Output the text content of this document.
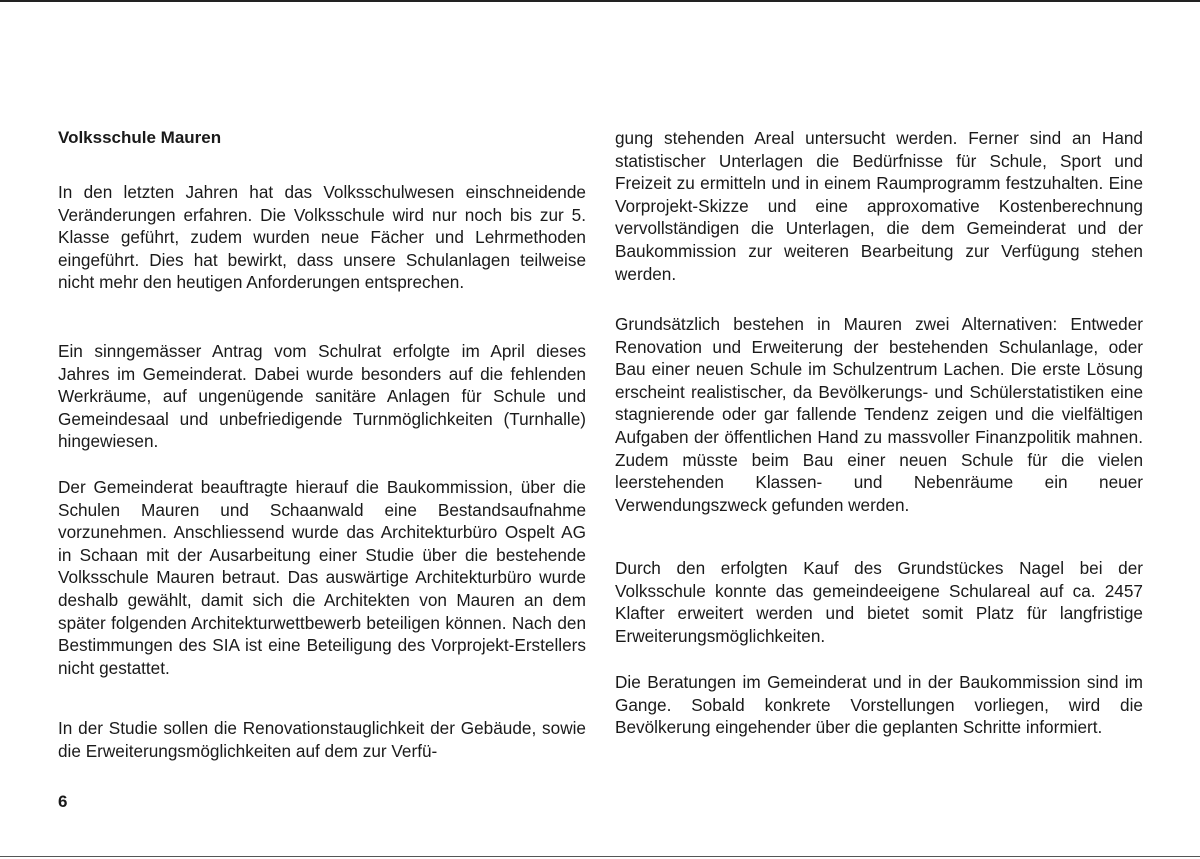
Volksschule Mauren

In den letzten Jahren hat das Volksschulwesen einschneidende Veränderungen erfahren. Die Volksschule wird nur noch bis zur 5. Klasse geführt, zudem wurden neue Fächer und Lehrmethoden eingeführt. Dies hat bewirkt, dass unsere Schulanlagen teilweise nicht mehr den heutigen Anforderungen entsprechen.

Ein sinngemässer Antrag vom Schulrat erfolgte im April dieses Jahres im Gemeinderat. Dabei wurde besonders auf die fehlenden Werkräume, auf ungenügende sanitäre Anlagen für Schule und Gemeindesaal und unbefriedigende Turnmöglichkeiten (Turnhalle) hingewiesen.

Der Gemeinderat beauftragte hierauf die Baukommission, über die Schulen Mauren und Schaanwald eine Bestandsaufnahme vorzunehmen. Anschliessend wurde das Architekturbüro Ospelt AG in Schaan mit der Ausarbeitung einer Studie über die bestehende Volksschule Mauren betraut. Das auswärtige Architekturbüro wurde deshalb gewählt, damit sich die Architekten von Mauren an dem später folgenden Architekturwettbewerb beteiligen können. Nach den Bestimmungen des SIA ist eine Beteiligung des Vorprojekt-Erstellers nicht gestattet.

In der Studie sollen die Renovationstauglichkeit der Gebäude, sowie die Erweiterungsmöglichkeiten auf dem zur Verfü-

gung stehenden Areal untersucht werden. Ferner sind an Hand statistischer Unterlagen die Bedürfnisse für Schule, Sport und Freizeit zu ermitteln und in einem Raumprogramm festzuhalten. Eine Vorprojekt-Skizze und eine approxomative Kostenberechnung vervollständigen die Unterlagen, die dem Gemeinderat und der Baukommission zur weiteren Bearbeitung zur Verfügung stehen werden.

Grundsätzlich bestehen in Mauren zwei Alternativen: Entweder Renovation und Erweiterung der bestehenden Schulanlage, oder Bau einer neuen Schule im Schulzentrum Lachen. Die erste Lösung erscheint realistischer, da Bevölkerungs- und Schülerstatistiken eine stagnierende oder gar fallende Tendenz zeigen und die vielfältigen Aufgaben der öffentlichen Hand zu massvoller Finanzpolitik mahnen. Zudem müsste beim Bau einer neuen Schule für die vielen leerstehenden Klassen- und Nebenräume ein neuer Verwendungszweck gefunden werden.

Durch den erfolgten Kauf des Grundstückes Nagel bei der Volksschule konnte das gemeindeeigene Schulareal auf ca. 2457 Klafter erweitert werden und bietet somit Platz für langfristige Erweiterungsmöglichkeiten.

Die Beratungen im Gemeinderat und in der Baukommission sind im Gange. Sobald konkrete Vorstellungen vorliegen, wird die Bevölkerung eingehender über die geplanten Schritte informiert.

6
